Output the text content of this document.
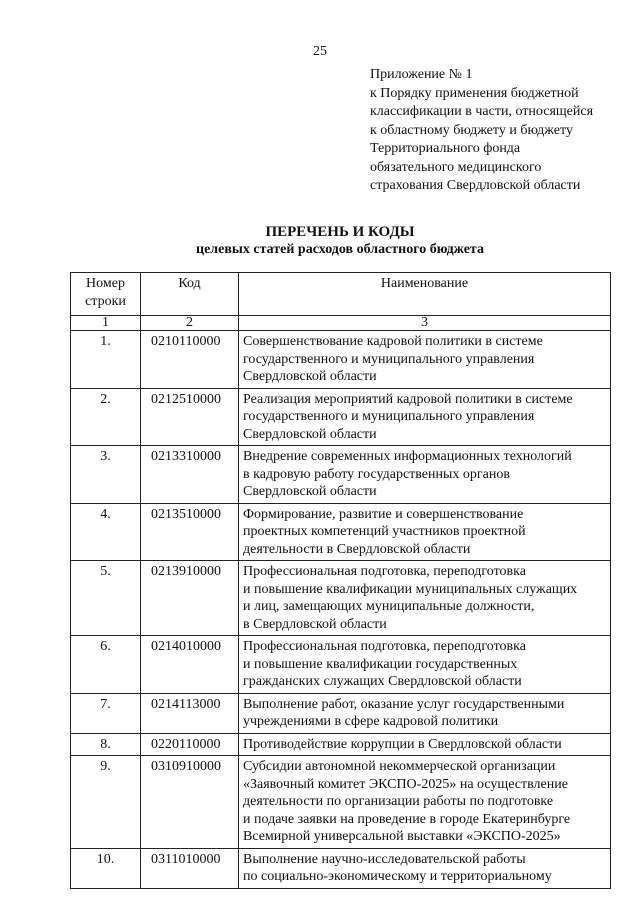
25
Приложение № 1
к Порядку применения бюджетной
классификации в части, относящейся
к областному бюджету и бюджету
Территориального фонда
обязательного медицинского
страхования Свердловской области
ПЕРЕЧЕНЬ И КОДЫ
целевых статей расходов областного бюджета
Номер строки	Код	Наименование
1	2	3
1.	0210110000	Совершенствование кадровой политики в системе
государственного и муниципального управления
Свердловской области

2.	0212510000	Реализация мероприятий кадровой политики в системе
государственного и муниципального управления
Свердловской области

3.	0213310000	Внедрение современных информационных технологий
в кадровую работу государственных органов
Свердловской области

4.	0213510000	Формирование, развитие и совершенствование
проектных компетенций участников проектной
деятельности в Свердловской области

5.	0213910000	Профессиональная подготовка, переподготовка
и повышение квалификации муниципальных служащих
и лиц, замещающих муниципальные должности,
в Свердловской области

6.	0214010000	Профессиональная подготовка, переподготовка
и повышение квалификации государственных
гражданских служащих Свердловской области

7.	0214113000	Выполнение работ, оказание услуг государственными
учреждениями в сфере кадровой политики

8.	0220110000	Противодействие коррупции в Свердловской области

9.	0310910000	Субсидии автономной некоммерческой организации
«Заявочный комитет ЭКСПО-2025» на осуществление
деятельности по организации работы по подготовке
и подаче заявки на проведение в городе Екатеринбурге
Всемирной универсальной выставки «ЭКСПО-2025»

10.	0311010000	Выполнение научно-исследовательской работы
по социально-экономическому и территориальному
